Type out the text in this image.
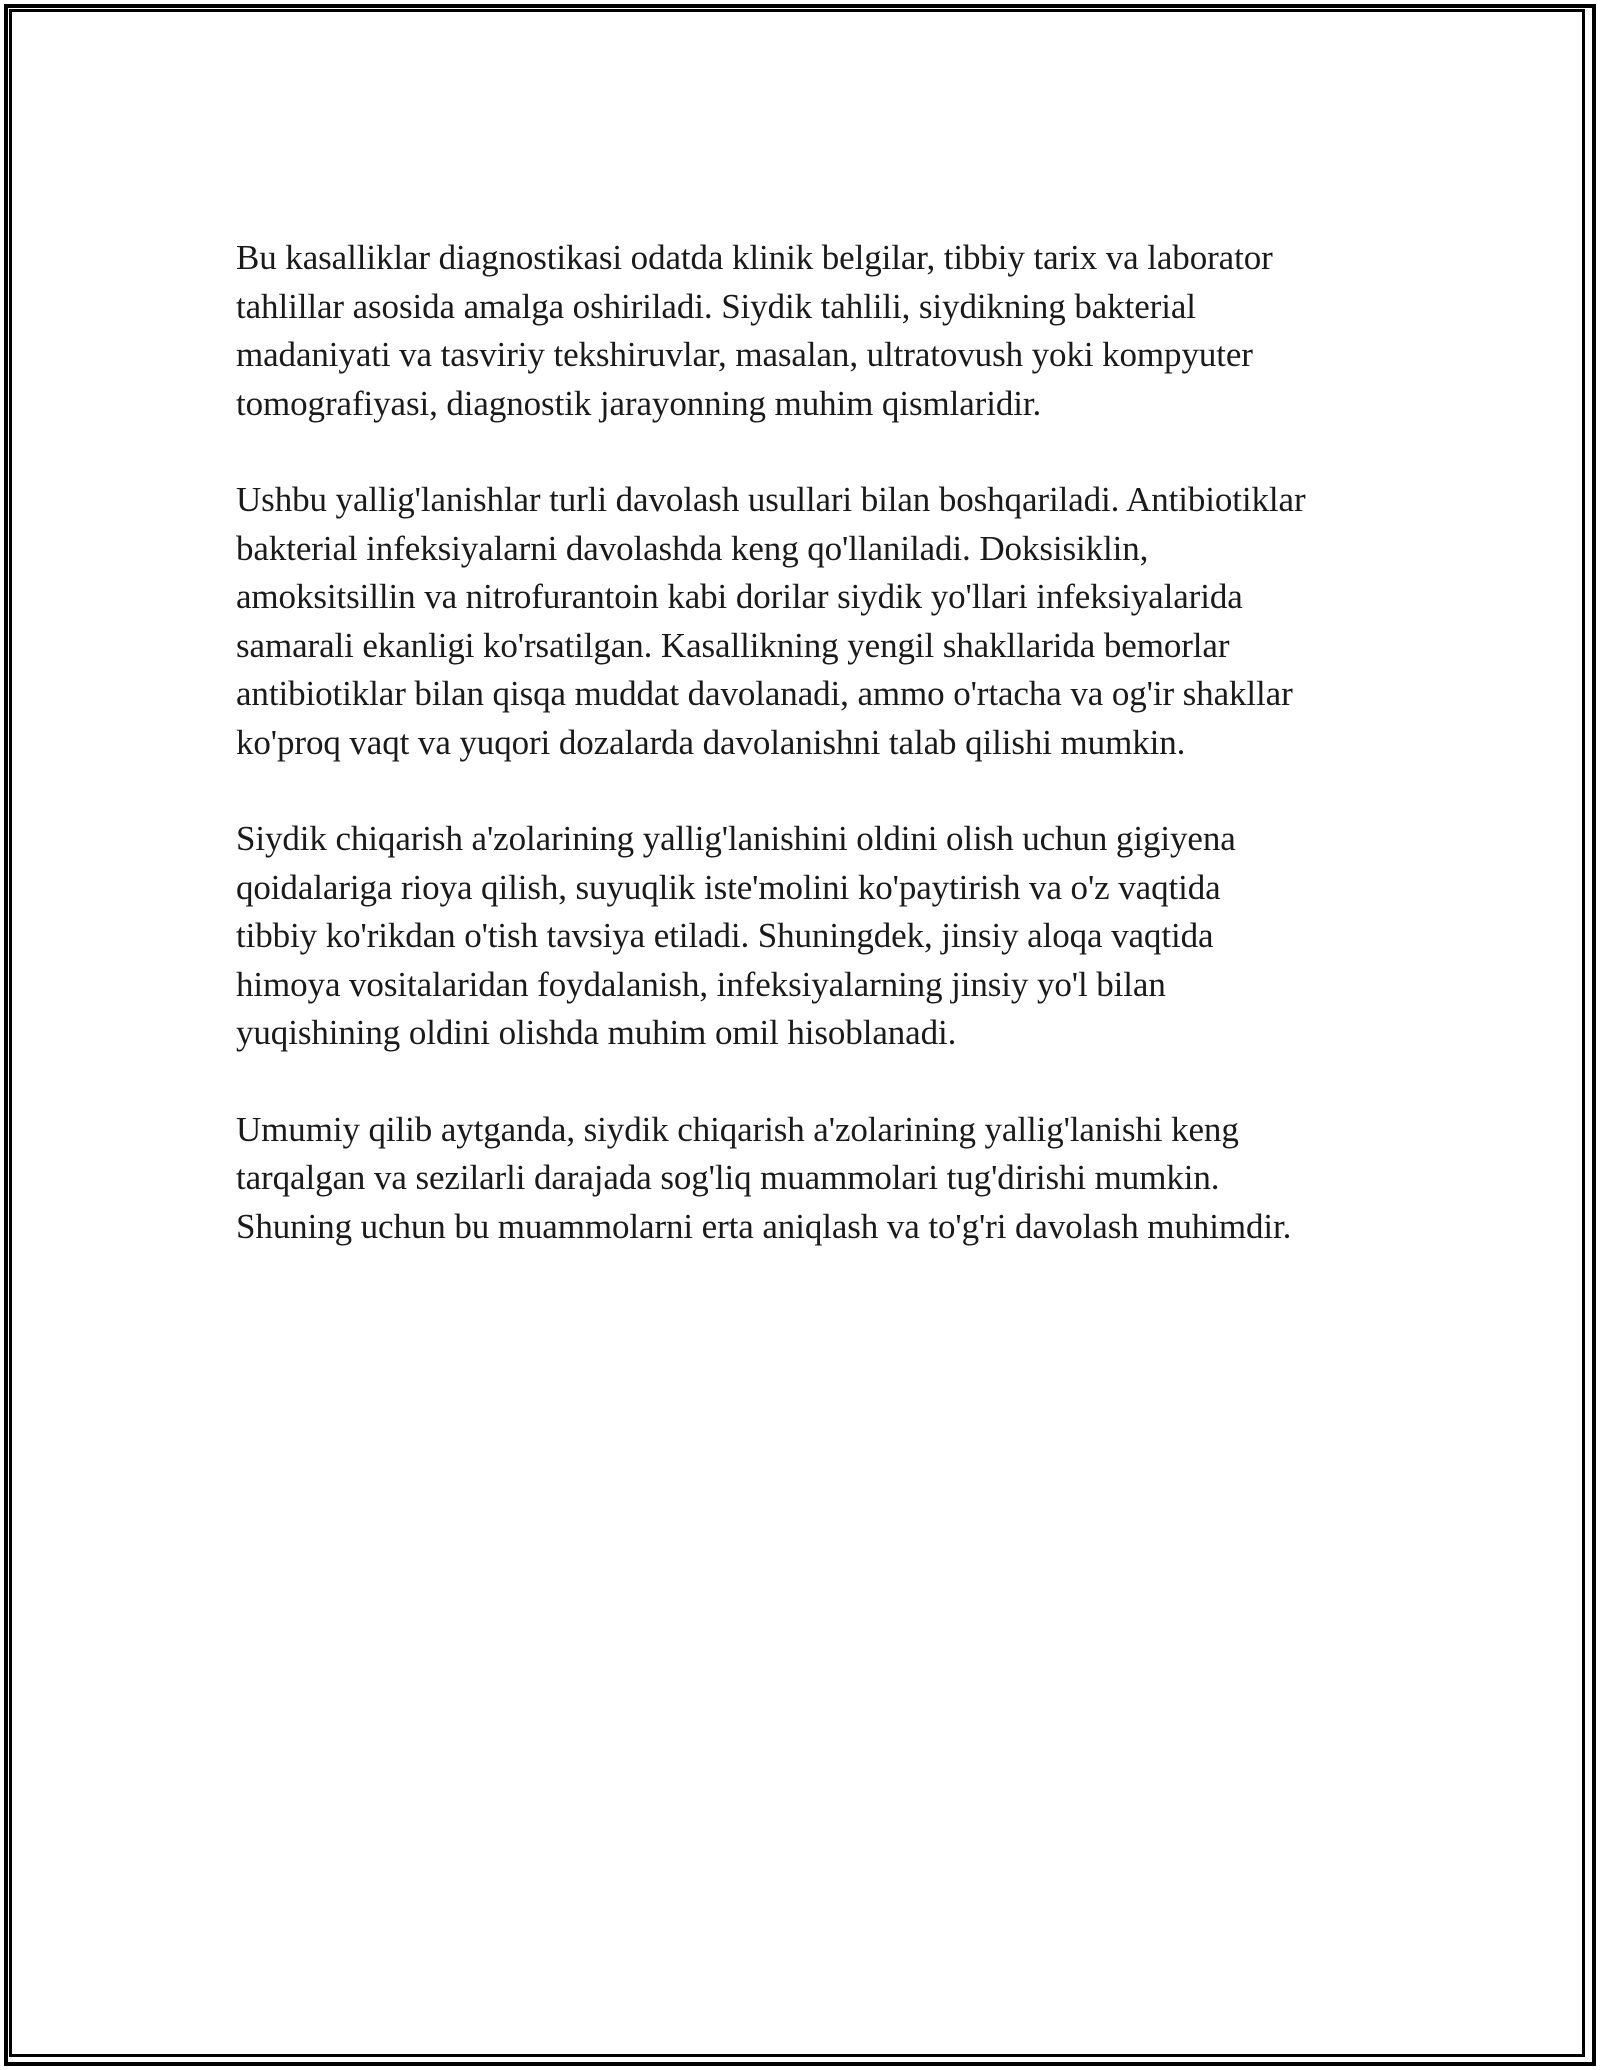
Bu kasalliklar diagnostikasi odatda klinik belgilar, tibbiy tarix va laborator
tahlillar asosida amalga oshiriladi. Siydik tahlili, siydikning bakterial
madaniyati va tasviriy tekshiruvlar, masalan, ultratovush yoki kompyuter
tomografiyasi, diagnostik jarayonning muhim qismlaridir.

Ushbu yallig'lanishlar turli davolash usullari bilan boshqariladi. Antibiotiklar
bakterial infeksiyalarni davolashda keng qo'llaniladi. Doksisiklin,
amoksitsillin va nitrofurantoin kabi dorilar siydik yo'llari infeksiyalarida
samarali ekanligi ko'rsatilgan. Kasallikning yengil shakllarida bemorlar
antibiotiklar bilan qisqa muddat davolanadi, ammo o'rtacha va og'ir shakllar
ko'proq vaqt va yuqori dozalarda davolanishni talab qilishi mumkin.

Siydik chiqarish a'zolarining yallig'lanishini oldini olish uchun gigiyena
qoidalariga rioya qilish, suyuqlik iste'molini ko'paytirish va o'z vaqtida
tibbiy ko'rikdan o'tish tavsiya etiladi. Shuningdek, jinsiy aloqa vaqtida
himoya vositalaridan foydalanish, infeksiyalarning jinsiy yo'l bilan
yuqishining oldini olishda muhim omil hisoblanadi.

Umumiy qilib aytganda, siydik chiqarish a'zolarining yallig'lanishi keng
tarqalgan va sezilarli darajada sog'liq muammolari tug'dirishi mumkin.
Shuning uchun bu muammolarni erta aniqlash va to'g'ri davolash muhimdir.
